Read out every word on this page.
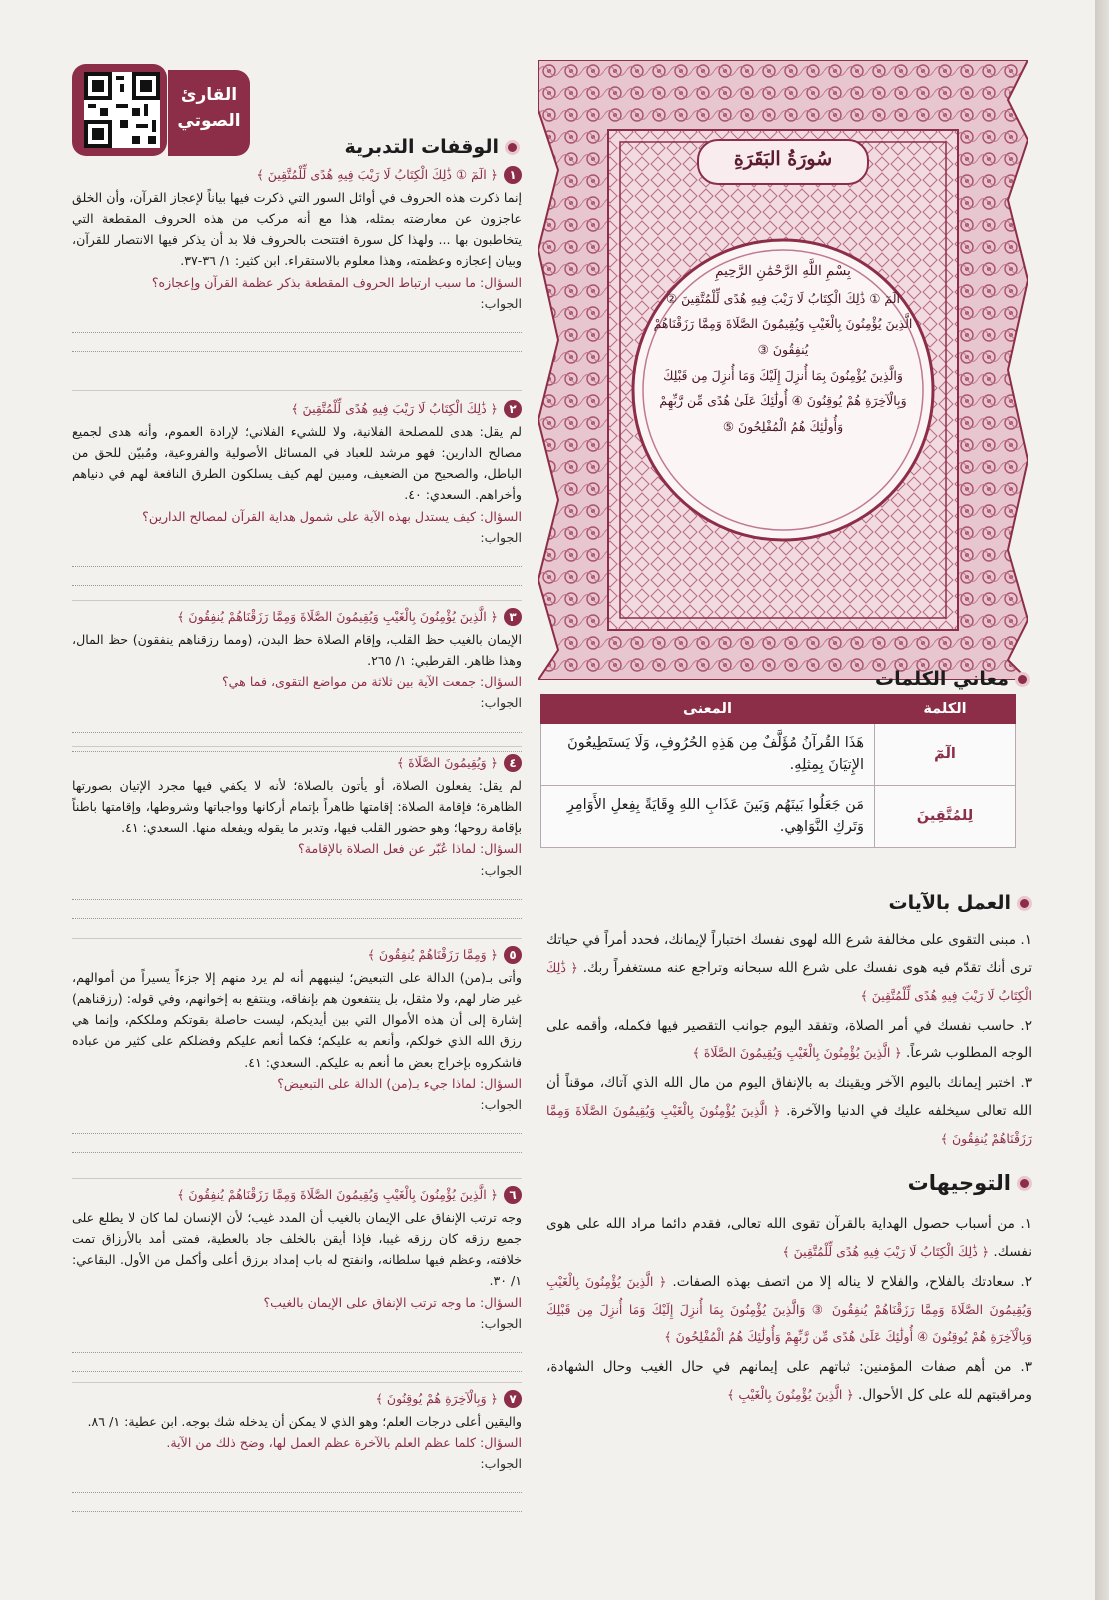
سُورَةُ البَقَرَةِ
بِسْمِ اللَّهِ الرَّحْمَٰنِ الرَّحِيمِ
الٓمٓ ① ذَٰلِكَ الْكِتَابُ لَا رَيْبَ فِيهِ هُدًى لِّلْمُتَّقِينَ ②
الَّذِينَ يُؤْمِنُونَ بِالْغَيْبِ وَيُقِيمُونَ الصَّلَاةَ وَمِمَّا رَزَقْنَاهُمْ يُنفِقُونَ ③
وَالَّذِينَ يُؤْمِنُونَ بِمَا أُنزِلَ إِلَيْكَ وَمَا أُنزِلَ مِن قَبْلِكَ
وَبِالْآخِرَةِ هُمْ يُوقِنُونَ ④ أُولَٰئِكَ عَلَىٰ هُدًى مِّن رَّبِّهِمْ
وَأُولَٰئِكَ هُمُ الْمُفْلِحُونَ ⑤
معاني الكلمات
الكلمة	المعنى
الٓمٓ	هَذَا القُرآنُ مُؤَلَّفٌ مِن هَذِهِ الحُرُوفِ، وَلَا يَستَطِيعُونَ الإِتيَانَ بِمِثلِهِ.
لِلمُتَّقِينَ	مَن جَعَلُوا بَينَهُم وَبَينَ عَذَابِ اللهِ وِقَايَةً بِفِعلِ الأَوَامِرِ وَتَركِ النَّوَاهِي.
العمل بالآيات

١. مبنى التقوى على مخالفة شرع الله لهوى نفسك اختباراً لإيمانك، فحدد أمراً في حياتك ترى أنك تقدّم فيه هوى نفسك على شرع الله سبحانه وتراجع عنه مستغفراً ربك. ﴿ ذَٰلِكَ الْكِتَابُ لَا رَيْبَ فِيهِ هُدًى لِّلْمُتَّقِينَ ﴾

٢. حاسب نفسك في أمر الصلاة، وتفقد اليوم جوانب التقصير فيها فكمله، وأقمه على الوجه المطلوب شرعاً. ﴿ الَّذِينَ يُؤْمِنُونَ بِالْغَيْبِ وَيُقِيمُونَ الصَّلَاةَ ﴾

٣. اختبر إيمانك باليوم الآخر ويقينك به بالإنفاق اليوم من مال الله الذي آتاك، موقناً أن الله تعالى سيخلفه عليك في الدنيا والآخرة. ﴿ الَّذِينَ يُؤْمِنُونَ بِالْغَيْبِ وَيُقِيمُونَ الصَّلَاةَ وَمِمَّا رَزَقْنَاهُمْ يُنفِقُونَ ﴾

التوجيهات

١. من أسباب حصول الهداية بالقرآن تقوى الله تعالى، فقدم دائما مراد الله على هوى نفسك. ﴿ ذَٰلِكَ الْكِتَابُ لَا رَيْبَ فِيهِ هُدًى لِّلْمُتَّقِينَ ﴾

٢. سعادتك بالفلاح، والفلاح لا يناله إلا من اتصف بهذه الصفات. ﴿ الَّذِينَ يُؤْمِنُونَ بِالْغَيْبِ وَيُقِيمُونَ الصَّلَاةَ وَمِمَّا رَزَقْنَاهُمْ يُنفِقُونَ ③ وَالَّذِينَ يُؤْمِنُونَ بِمَا أُنزِلَ إِلَيْكَ وَمَا أُنزِلَ مِن قَبْلِكَ وَبِالْآخِرَةِ هُمْ يُوقِنُونَ ④ أُولَٰئِكَ عَلَىٰ هُدًى مِّن رَّبِّهِمْ وَأُولَٰئِكَ هُمُ الْمُفْلِحُونَ ﴾

٣. من أهم صفات المؤمنين: ثباتهم على إيمانهم في حال الغيب وحال الشهادة، ومراقبتهم لله على كل الأحوال. ﴿ الَّذِينَ يُؤْمِنُونَ بِالْغَيْبِ ﴾

القارئ
الصوتي
الوقفات التدبرية
١
﴿ الٓمٓ ① ذَٰلِكَ الْكِتَابُ لَا رَيْبَ فِيهِ هُدًى لِّلْمُتَّقِينَ ﴾
إنما ذكرت هذه الحروف في أوائل السور التي ذكرت فيها بياناً لإعجاز القرآن، وأن الخلق عاجزون عن معارضته بمثله، هذا مع أنه مركب من هذه الحروف المقطعة التي يتخاطبون بها ... ولهذا كل سورة افتتحت بالحروف فلا بد أن يذكر فيها الانتصار للقرآن، وبيان إعجازه وعظمته، وهذا معلوم بالاستقراء. ابن كثير: ١/ ٣٦-٣٧.
السؤال: ما سبب ارتباط الحروف المقطعة بذكر عظمة القرآن وإعجازه؟
الجواب:
٢
﴿ ذَٰلِكَ الْكِتَابُ لَا رَيْبَ فِيهِ هُدًى لِّلْمُتَّقِينَ ﴾
لم يقل: هدى للمصلحة الفلانية، ولا للشيء الفلاني؛ لإرادة العموم، وأنه هدى لجميع مصالح الدارين: فهو مرشد للعباد في المسائل الأصولية والفروعية، ومُبيّن للحق من الباطل، والصحيح من الضعيف، ومبين لهم كيف يسلكون الطرق النافعة لهم في دنياهم وأخراهم. السعدي: ٤٠.
السؤال: كيف يستدل بهذه الآية على شمول هداية القرآن لمصالح الدارين؟
الجواب:
٣
﴿ الَّذِينَ يُؤْمِنُونَ بِالْغَيْبِ وَيُقِيمُونَ الصَّلَاةَ وَمِمَّا رَزَقْنَاهُمْ يُنفِقُونَ ﴾
الإيمان بالغيب حظ القلب، وإقام الصلاة حظ البدن، (ومما رزقناهم ينفقون) حظ المال، وهذا ظاهر. القرطبي: ١/ ٢٦٥.
السؤال: جمعت الآية بين ثلاثة من مواضع التقوى، فما هي؟
الجواب:
٤
﴿ وَيُقِيمُونَ الصَّلَاةَ ﴾
لم يقل: يفعلون الصلاة، أو يأتون بالصلاة؛ لأنه لا يكفي فيها مجرد الإتيان بصورتها الظاهرة؛ فإقامة الصلاة: إقامتها ظاهراً بإتمام أركانها وواجباتها وشروطها، وإقامتها باطناً بإقامة روحها؛ وهو حضور القلب فيها، وتدبر ما يقوله ويفعله منها. السعدي: ٤١.
السؤال: لماذا عُبّر عن فعل الصلاة بالإقامة؟
الجواب:
٥
﴿ وَمِمَّا رَزَقْنَاهُمْ يُنفِقُونَ ﴾
وأتى بـ(من) الدالة على التبعيض؛ لينبههم أنه لم يرد منهم إلا جزءاً يسيراً من أموالهم، غير ضار لهم، ولا مثقل، بل ينتفعون هم بإنفاقه، وينتفع به إخوانهم، وفي قوله: (رزقناهم) إشارة إلى أن هذه الأموال التي بين أيديكم، ليست حاصلة بقوتكم وملككم، وإنما هي رزق الله الذي خولكم، وأنعم به عليكم؛ فكما أنعم عليكم وفضلكم على كثير من عباده فاشكروه بإخراج بعض ما أنعم به عليكم. السعدي: ٤١.
السؤال: لماذا جيء بـ(من) الدالة على التبعيض؟
الجواب:
٦
﴿ الَّذِينَ يُؤْمِنُونَ بِالْغَيْبِ وَيُقِيمُونَ الصَّلَاةَ وَمِمَّا رَزَقْنَاهُمْ يُنفِقُونَ ﴾
وجه ترتب الإنفاق على الإيمان بالغيب أن المدد غيب؛ لأن الإنسان لما كان لا يطلع على جميع رزقه كان رزقه غيبا، فإذا أيقن بالخلف جاد بالعطية، فمتى أمد بالأرزاق تمت خلافته، وعظم فيها سلطانه، وانفتح له باب إمداد برزق أعلى وأكمل من الأول. البقاعي: ١/ ٣٠.
السؤال: ما وجه ترتب الإنفاق على الإيمان بالغيب؟
الجواب:
٧
﴿ وَبِالْآخِرَةِ هُمْ يُوقِنُونَ ﴾
واليقين أعلى درجات العلم؛ وهو الذي لا يمكن أن يدخله شك بوجه. ابن عطية: ١/ ٨٦.
السؤال: كلما عظم العلم بالآخرة عظم العمل لها، وضح ذلك من الآية.
الجواب:
